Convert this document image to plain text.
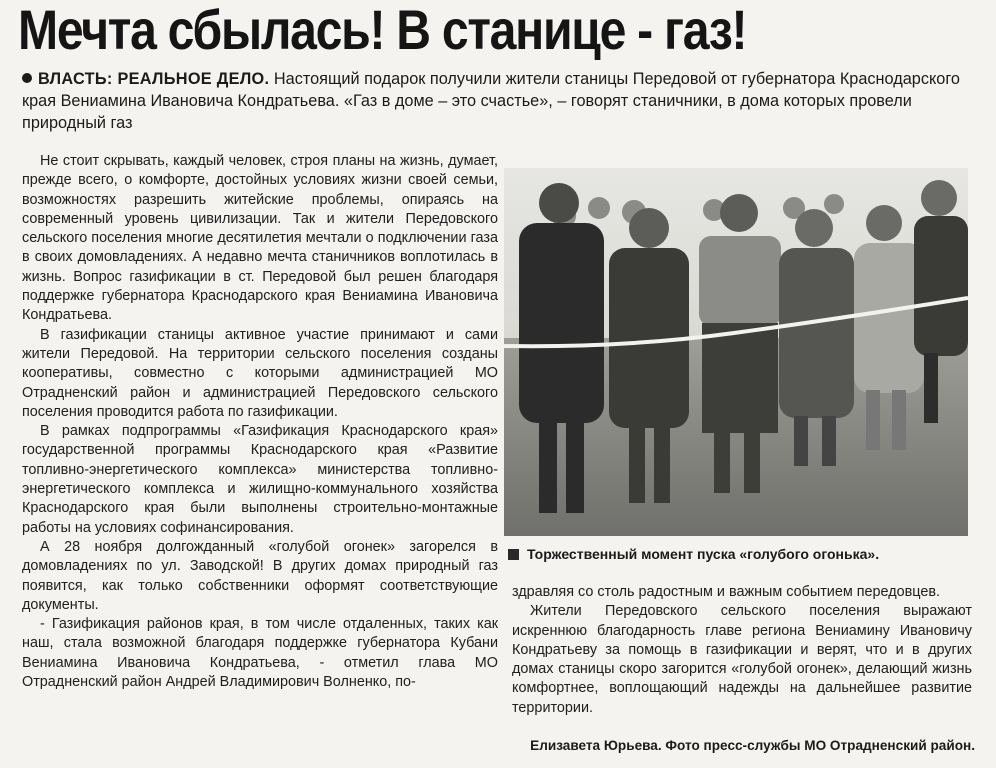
Мечта сбылась! В станице - газ!
ВЛАСТЬ: РЕАЛЬНОЕ ДЕЛО. Настоящий подарок получили жители станицы Передовой от губернатора Краснодарского края Вениамина Ивановича Кондратьева. «Газ в доме – это счастье», – говорят станичники, в дома которых провели природный газ

Не стоит скрывать, каждый человек, строя планы на жизнь, думает, прежде всего, о комфорте, достойных условиях жизни своей семьи, возможностях разрешить житейские проблемы, опираясь на современный уровень цивилизации. Так и жители Передовского сельского поселения многие десятилетия мечтали о подключении газа в своих домовладениях. А недавно мечта станичников воплотилась в жизнь. Вопрос газификации в ст. Передовой был решен благодаря поддержке губернатора Краснодарского края Вениамина Ивановича Кондратьева.

В газификации станицы активное участие принимают и сами жители Передовой. На территории сельского поселения созданы кооперативы, совместно с которыми администрацией МО Отрадненский район и администрацией Передовского сельского поселения проводится работа по газификации.

В рамках подпрограммы «Газификация Краснодарского края» государственной программы Краснодарского края «Развитие топливно-энергетического комплекса» министерства топливно-энергетического комплекса и жилищно-коммунального хозяйства Краснодарского края были выполнены строительно-монтажные работы на условиях софинансирования.

А 28 ноября долгожданный «голубой огонек» загорелся в домовладениях по ул. Заводской! В других домах природный газ появится, как только собственники оформят соответствующие документы.

- Газификация районов края, в том числе отдаленных, таких как наш, стала возможной благодаря поддержке губернатора Кубани Вениамина Ивановича Кондратьева, - отметил глава МО Отрадненский район Андрей Владимирович Волненко, по-

Торжественный момент пуска «голубого огонька».

здравляя со столь радостным и важным событием передовцев.

Жители Передовского сельского поселения выражают искреннюю благодарность главе региона Вениамину Ивановичу Кондратьеву за помощь в газификации и верят, что и в других домах станицы скоро загорится «голубой огонек», делающий жизнь комфортнее, воплощающий надежды на дальнейшее развитие территории.

Елизавета Юрьева. Фото пресс-службы МО Отрадненский район.
